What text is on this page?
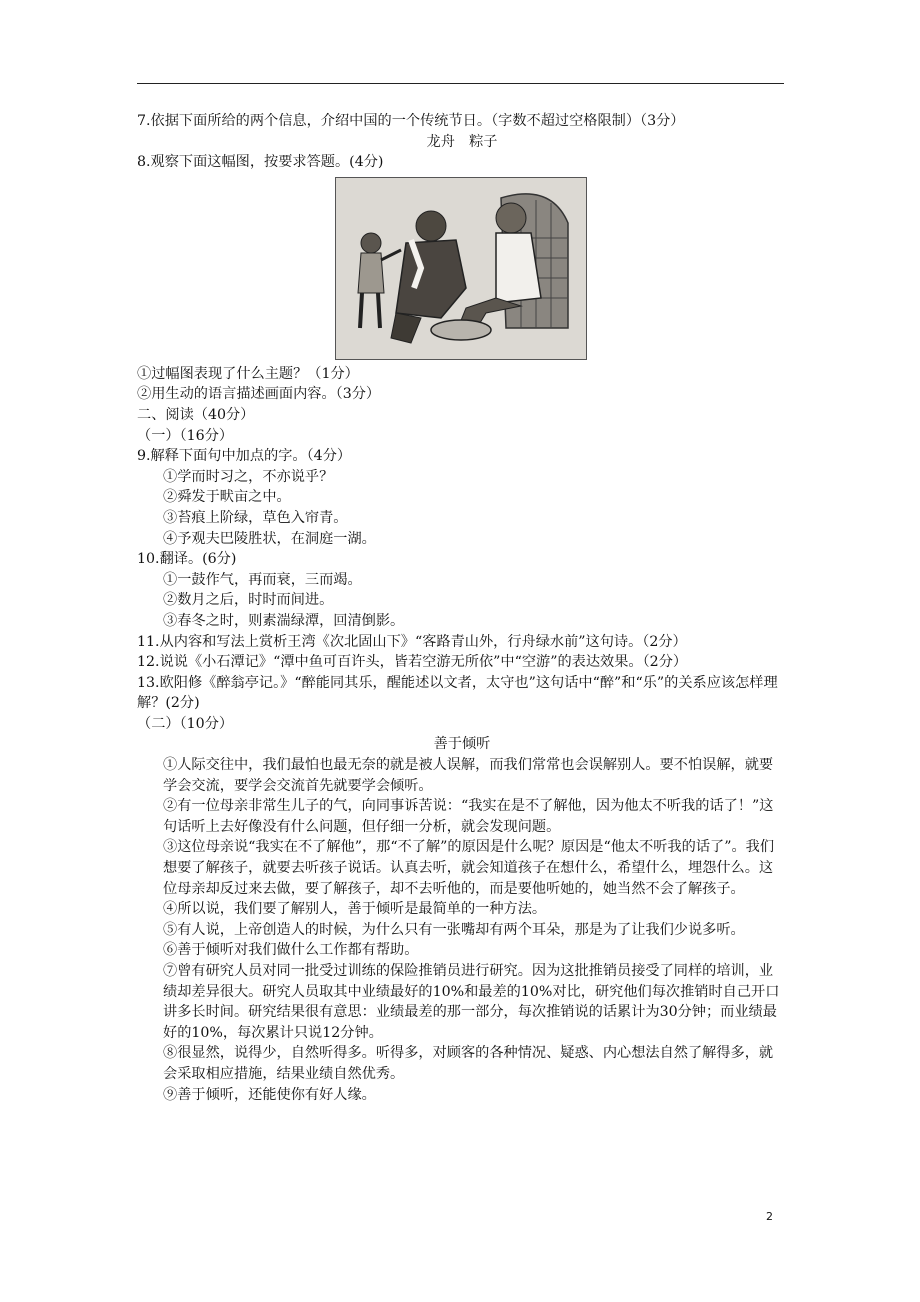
7.依据下面所给的两个信息，介绍中国的一个传统节日。（字数不超过空格限制）（3分）
龙舟　粽子
8.观察下面这幅图，按要求答题。(4分)
①过幅图表现了什么主题？（1分）
②用生动的语言描述画面内容。（3分）
二、阅读（40分）
（一）（16分）
9.解释下面句中加点的字。（4分）
①学而时习之，不亦说乎？
②舜发于畎亩之中。
③苔痕上阶绿，草色入帘青。
④予观夫巴陵胜状，在洞庭一湖。
10.翻译。(6分)
①一鼓作气，再而衰，三而竭。
②数月之后，时时而间进。
③春冬之时，则素湍绿潭，回清倒影。
11.从内容和写法上赏析王湾《次北固山下》“客路青山外，行舟绿水前”这句诗。（2分）
12.说说《小石潭记》“潭中鱼可百许头，皆若空游无所依”中“空游”的表达效果。（2分）
13.欧阳修《醉翁亭记。》“醉能同其乐，醒能述以文者，太守也”这句话中“醉”和“乐”的关系应该怎样理解？(2分)
（二）（10分）
善于倾听
①人际交往中，我们最怕也最无奈的就是被人误解，而我们常常也会误解别人。要不怕误解，就要学会交流，要学会交流首先就要学会倾听。
②有一位母亲非常生儿子的气，向同事诉苦说：“我实在是不了解他，因为他太不听我的话了！”这句话听上去好像没有什么问题，但仔细一分析，就会发现问题。
③这位母亲说“我实在不了解他”，那“不了解”的原因是什么呢？原因是“他太不听我的话了”。我们想要了解孩子，就要去听孩子说话。认真去听，就会知道孩子在想什么，希望什么，埋怨什么。这位母亲却反过来去做，要了解孩子，却不去听他的，而是要他听她的，她当然不会了解孩子。
④所以说，我们要了解别人，善于倾听是最简单的一种方法。
⑤有人说，上帝创造人的时候，为什么只有一张嘴却有两个耳朵，那是为了让我们少说多听。
⑥善于倾听对我们做什么工作都有帮助。
⑦曾有研究人员对同一批受过训练的保险推销员进行研究。因为这批推销员接受了同样的培训，业绩却差异很大。研究人员取其中业绩最好的10%和最差的10%对比，研究他们每次推销时自己开口讲多长时间。研究结果很有意思：业绩最差的那一部分，每次推销说的话累计为30分钟；而业绩最好的10%，每次累计只说12分钟。
⑧很显然，说得少，自然听得多。听得多，对顾客的各种情况、疑惑、内心想法自然了解得多，就会采取相应措施，结果业绩自然优秀。
⑨善于倾听，还能使你有好人缘。
2
